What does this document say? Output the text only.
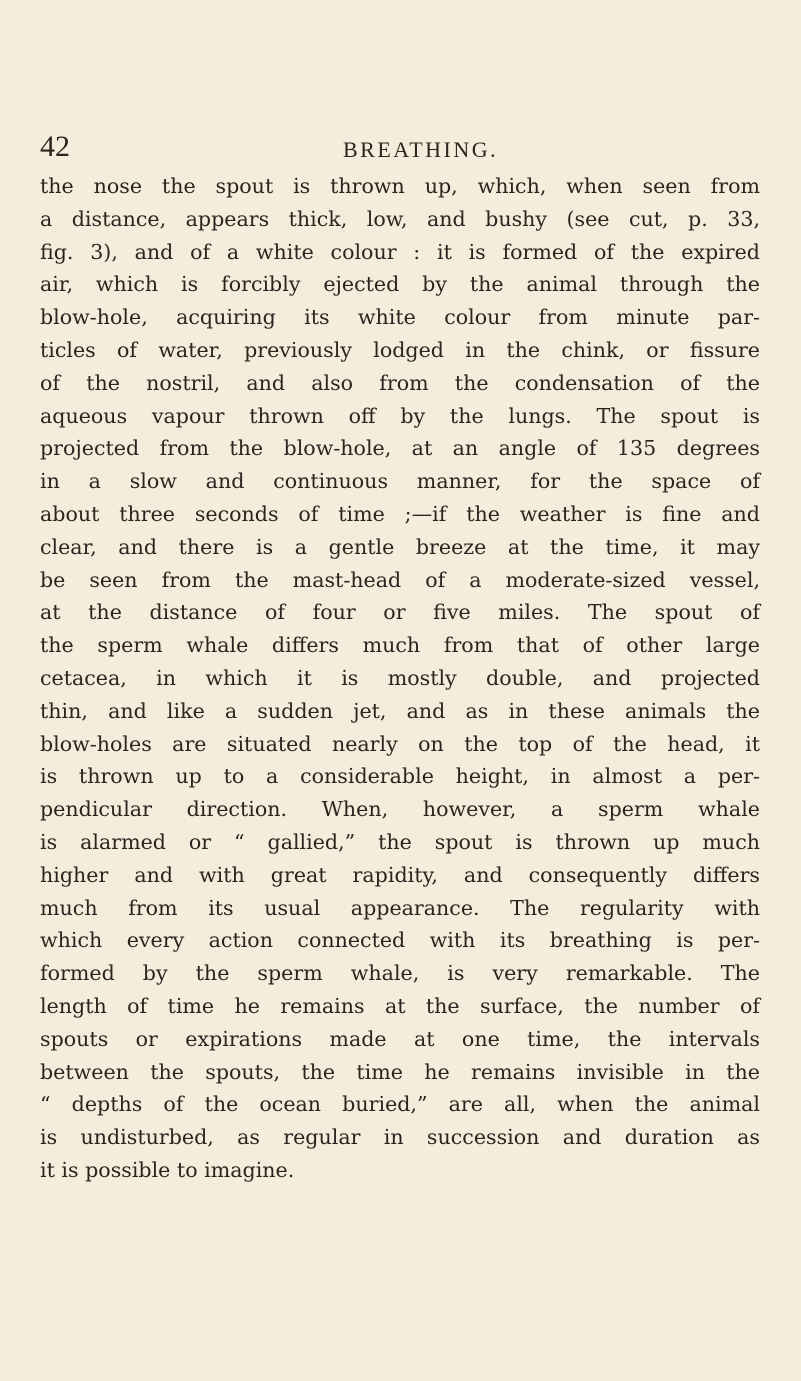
42	BREATHING.
the nose the spout is thrown up, which, when seen from
a distance, appears thick, low, and bushy (see cut, p. 33,
fig. 3), and of a white colour : it is formed of the expired
air, which is forcibly ejected by the animal through the
blow-hole, acquiring its white colour from minute par-
ticles of water, previously lodged in the chink, or fissure
of the nostril, and also from the condensation of the
aqueous vapour thrown off by the lungs. The spout is
projected from the blow-hole, at an angle of 135 degrees
in a slow and continuous manner, for the space of
about three seconds of time ;—if the weather is fine and
clear, and there is a gentle breeze at the time, it may
be seen from the mast-head of a moderate-sized vessel,
at the distance of four or five miles. The spout of
the sperm whale differs much from that of other large
cetacea, in which it is mostly double, and projected
thin, and like a sudden jet, and as in these animals the
blow-holes are situated nearly on the top of the head, it
is thrown up to a considerable height, in almost a per-
pendicular direction. When, however, a sperm whale
is alarmed or “ gallied,” the spout is thrown up much
higher and with great rapidity, and consequently differs
much from its usual appearance. The regularity with
which every action connected with its breathing is per-
formed by the sperm whale, is very remarkable. The
length of time he remains at the surface, the number of
spouts or expirations made at one time, the intervals
between the spouts, the time he remains invisible in the
“ depths of the ocean buried,” are all, when the animal
is undisturbed, as regular in succession and duration as
it is possible to imagine.
